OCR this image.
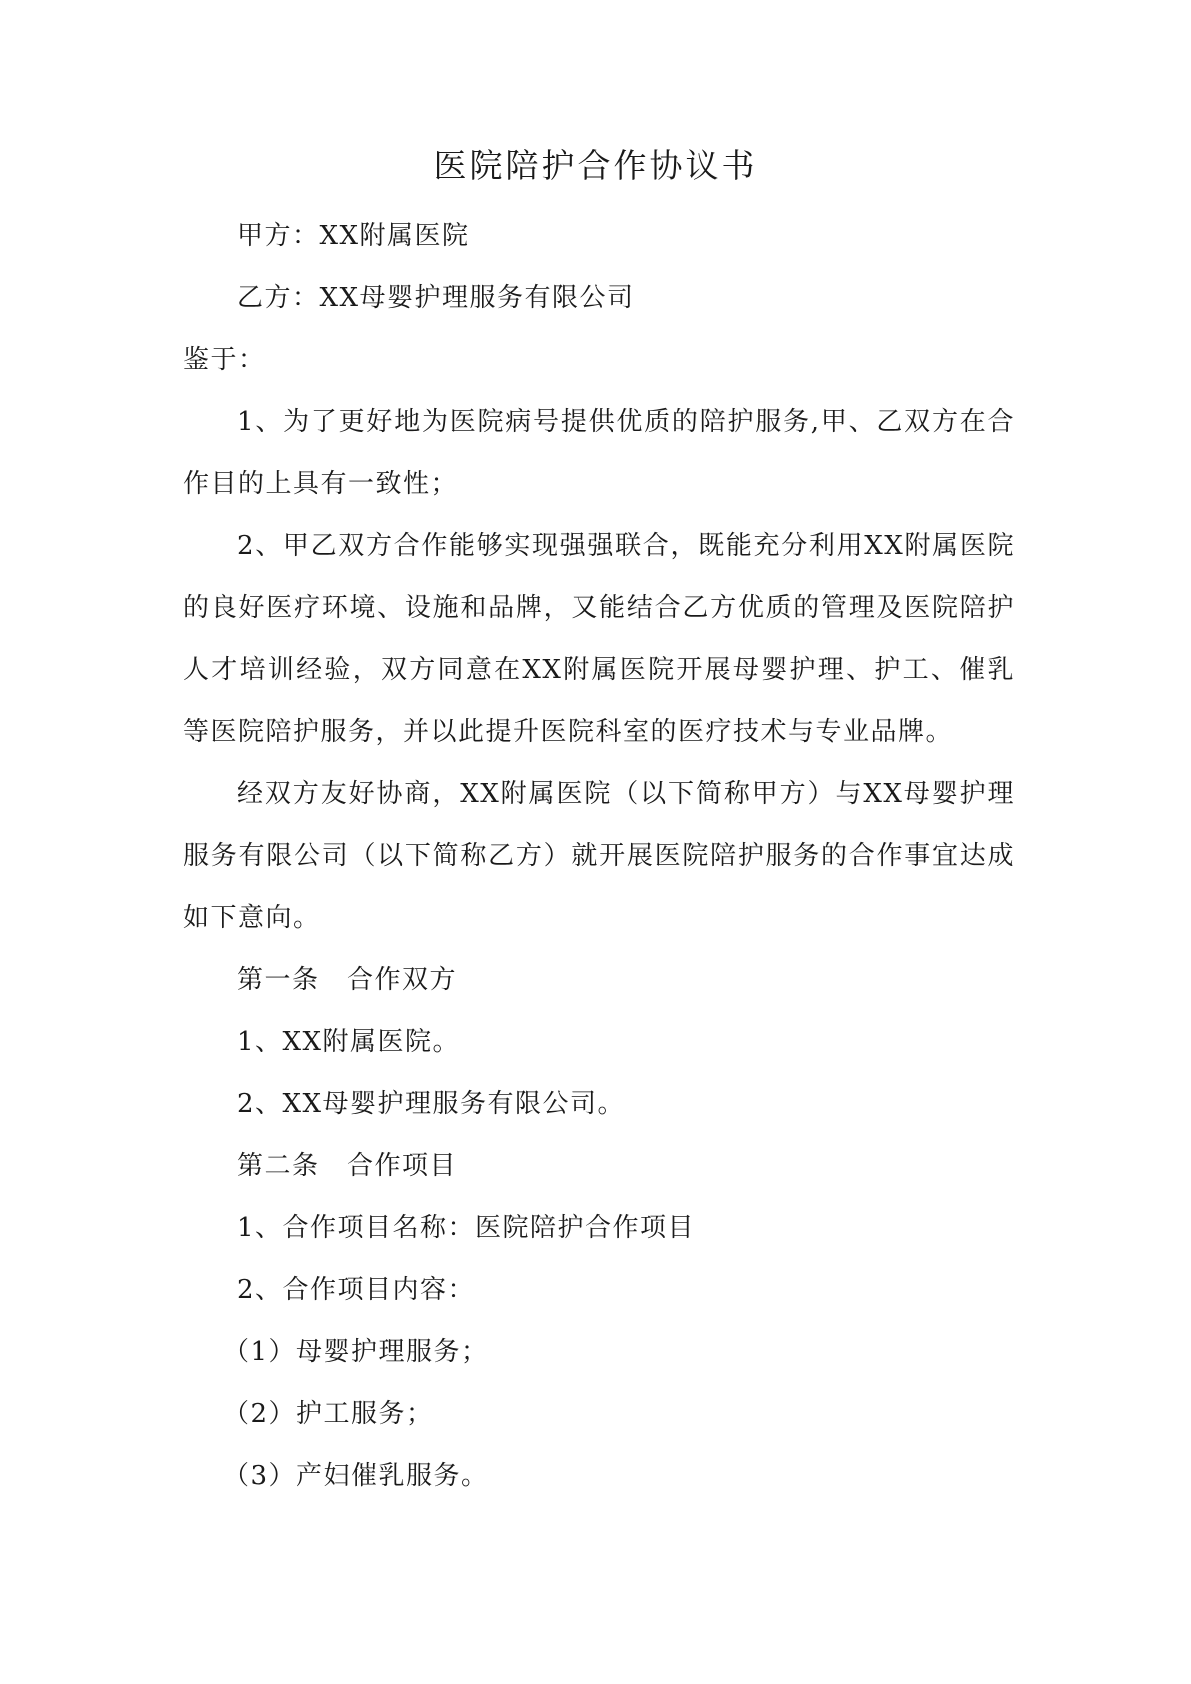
医院陪护合作协议书

甲方：XX附属医院

乙方：XX母婴护理服务有限公司

鉴于：

1、为了更好地为医院病号提供优质的陪护服务,甲、乙双方在合作目的上具有一致性；

2、甲乙双方合作能够实现强强联合，既能充分利用XX附属医院的良好医疗环境、设施和品牌，又能结合乙方优质的管理及医院陪护人才培训经验，双方同意在XX附属医院开展母婴护理、护工、催乳等医院陪护服务，并以此提升医院科室的医疗技术与专业品牌。

经双方友好协商，XX附属医院（以下简称甲方）与XX母婴护理服务有限公司（以下简称乙方）就开展医院陪护服务的合作事宜达成如下意向。

第一条　合作双方

1、XX附属医院。

2、XX母婴护理服务有限公司。

第二条　合作项目

1、合作项目名称：医院陪护合作项目

2、合作项目内容：

（1）母婴护理服务；

（2）护工服务；

（3）产妇催乳服务。
